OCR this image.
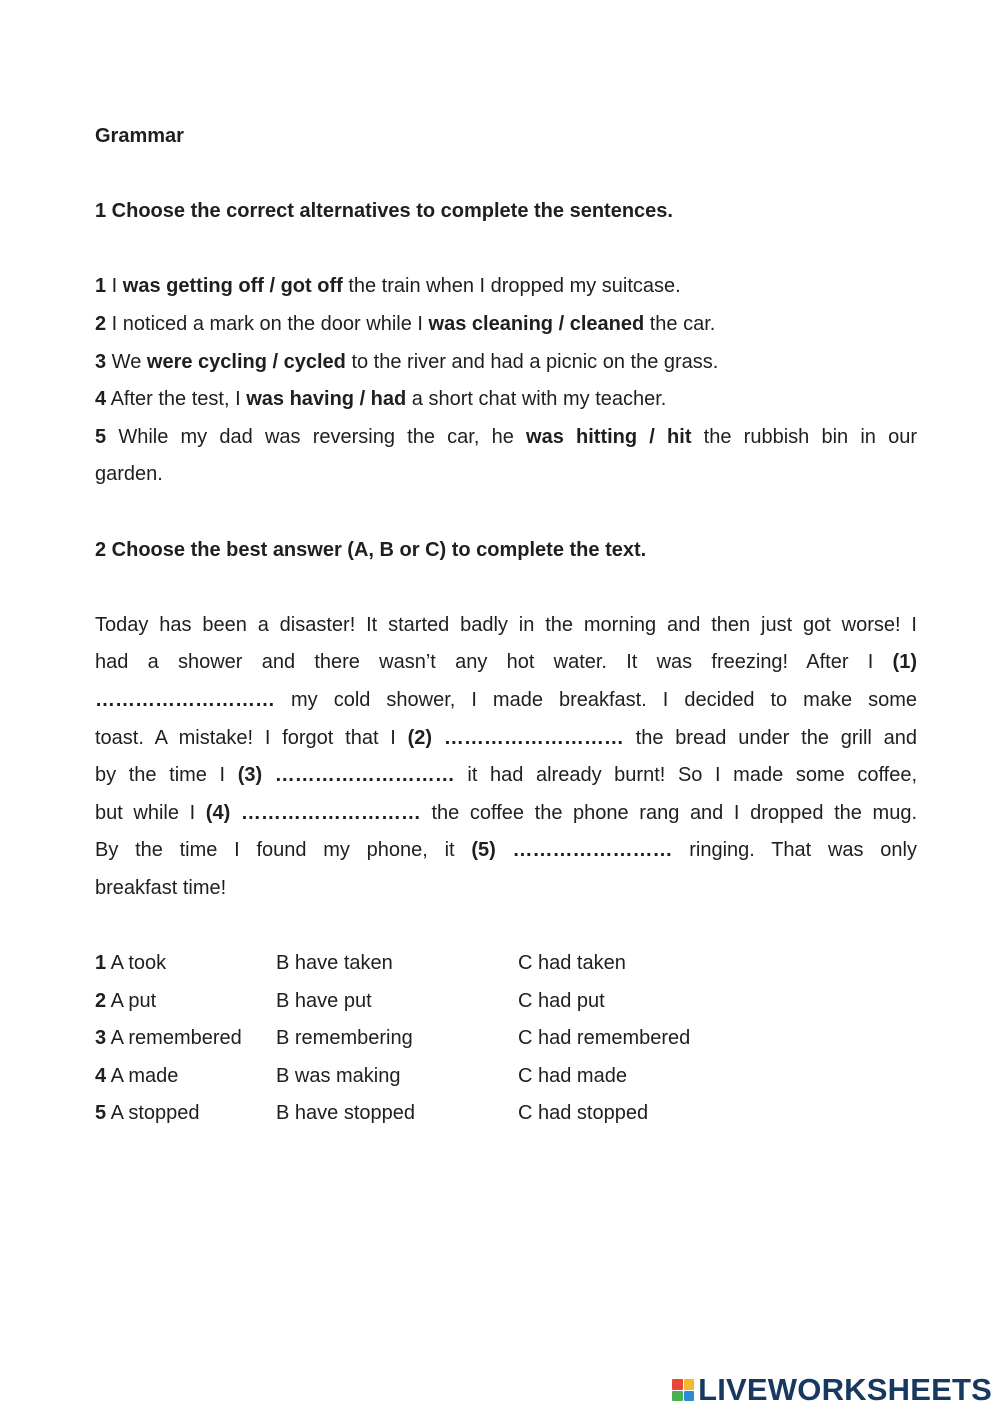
Grammar
1 Choose the correct alternatives to complete the sentences.
1 I was getting off / got off the train when I dropped my suitcase.
2 I noticed a mark on the door while I was cleaning / cleaned the car.
3 We were cycling / cycled to the river and had a picnic on the grass.
4 After the test, I was having / had a short chat with my teacher.
5 While my dad was reversing the car, he was hitting / hit the rubbish bin in our
garden.
2 Choose the best answer (A, B or C) to complete the text.
Today has been a disaster! It started badly in the morning and then just got worse! I
had a shower and there wasn’t any hot water. It was freezing! After I (1)
……………………… my cold shower, I made breakfast. I decided to make some
toast. A mistake! I forgot that I (2) ……………………… the bread under the grill and
by the time I (3) ……………………… it had already burnt! So I made some coffee,
but while I (4) ……………………… the coffee the phone rang and I dropped the mug.
By the time I found my phone, it (5) …………………… ringing. That was only
breakfast time!
1 A took	B have taken	C had taken
2 A put	B have put	C had put
3 A remembered B remembering	C had remembered
4 A made	B was making	C had made
5 A stopped	B have stopped	C had stopped
LIVEWORKSHEETS
